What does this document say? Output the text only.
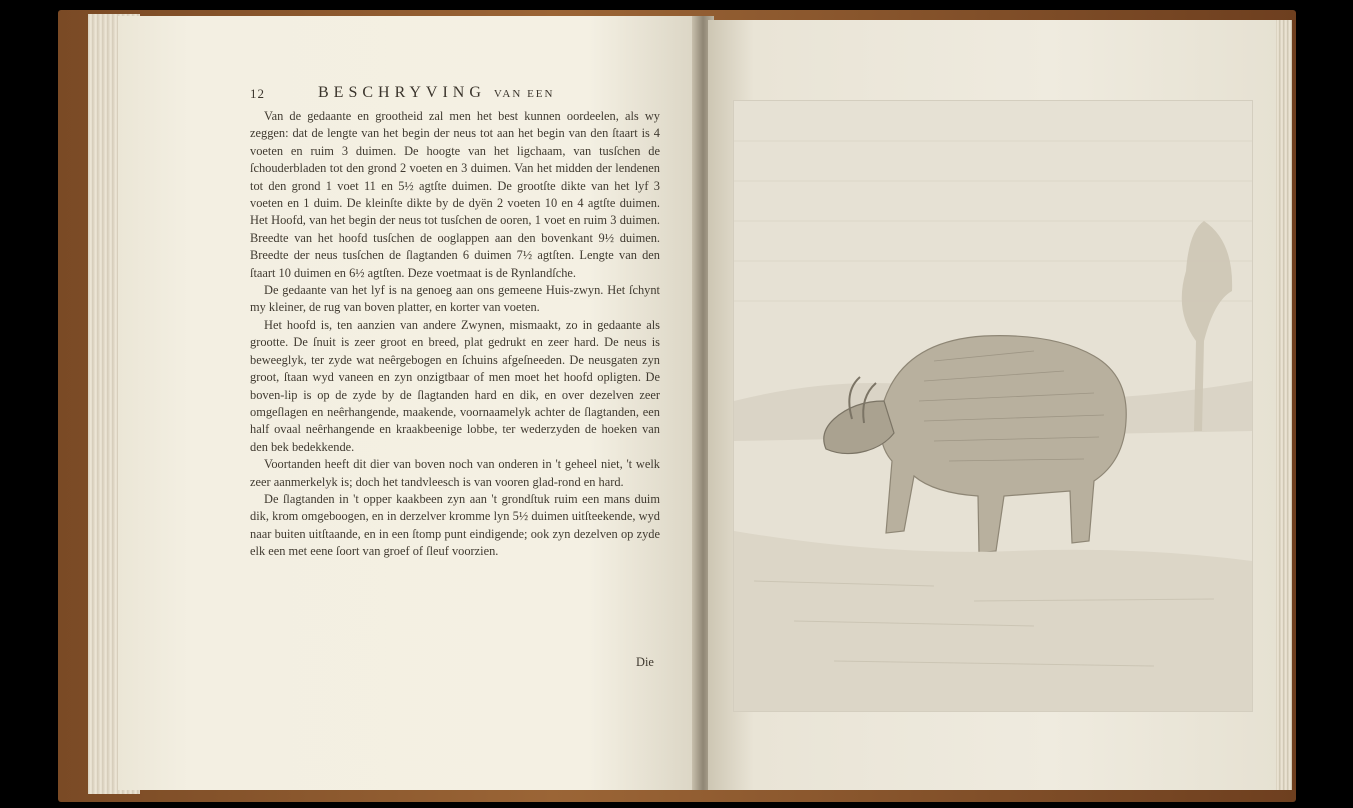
12	BESCHRYVING VAN EEN

Van de gedaante en grootheid zal men het best kunnen oordeelen, als wy zeggen: dat de lengte van het begin der neus tot aan het begin van den ſtaart is 4 voeten en ruim 3 duimen. De hoogte van het ligchaam, van tusſchen de ſchouderbladen tot den grond 2 voeten en 3 duimen. Van het midden der lendenen tot den grond 1 voet 11 en 5½ agtſte duimen. De grootſte dikte van het lyf 3 voeten en 1 duim. De kleinſte dikte by de dyën 2 voeten 10 en 4 agtſte duimen. Het Hoofd, van het begin der neus tot tusſchen de ooren, 1 voet en ruim 3 duimen. Breedte van het hoofd tusſchen de ooglappen aan den bovenkant 9½ duimen. Breedte der neus tusſchen de ſlagtanden 6 duimen 7½ agtſten. Lengte van den ſtaart 10 duimen en 6½ agtſten. Deze voetmaat is de Rynlandſche.

De gedaante van het lyf is na genoeg aan ons gemeene Huis-zwyn. Het ſchynt my kleiner, de rug van boven platter, en korter van voeten.

Het hoofd is, ten aanzien van andere Zwynen, mismaakt, zo in gedaante als grootte. De ſnuit is zeer groot en breed, plat gedrukt en zeer hard. De neus is beweeglyk, ter zyde wat neêrgebogen en ſchuins afgeſneeden. De neusgaten zyn groot, ſtaan wyd vaneen en zyn onzigtbaar of men moet het hoofd opligten. De boven-lip is op de zyde by de ſlagtanden hard en dik, en over dezelven zeer omgeſlagen en neêrhangende, maakende, voornaamelyk achter de ſlagtanden, een half ovaal neêrhangende en kraakbeenige lobbe, ter wederzyden de hoeken van den bek bedekkende.

Voortanden heeft dit dier van boven noch van onderen in 't geheel niet, 't welk zeer aanmerkelyk is; doch het tandvleesch is van vooren glad-rond en hard.

De ſlagtanden in 't opper kaakbeen zyn aan 't grondſtuk ruim een mans duim dik, krom omgeboogen, en in derzelver kromme lyn 5½ duimen uitſteekende, wyd naar buiten uitſtaande, en in een ſtomp punt eindigende; ook zyn dezelven op zyde elk een met eene ſoort van groef of ſleuf voorzien.

Die
